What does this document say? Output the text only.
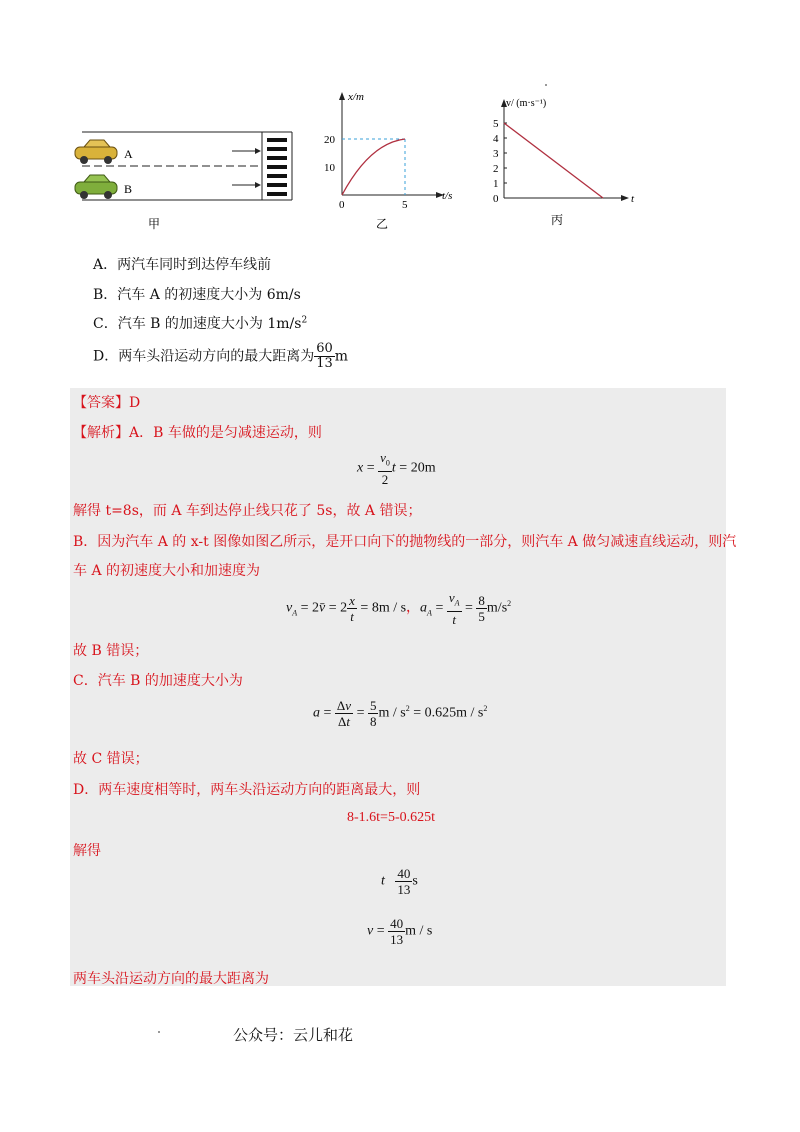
A
B
甲
x/m
t/s
20
10
0	5
乙
v/ (m·s⁻¹)
t
5
4
3
2
1
0
丙
A．两汽车同时到达停车线前
B．汽车 A 的初速度大小为 6m/s
C．汽车 B 的加速度大小为 $1m/s^2$
D．两车头沿运动方向的最大距离为 $\frac{60}{13}$ m
【答案】D
【解析】A．B 车做的是匀减速运动，则
$x = \frac{v_0}{2}$ t = 20m
解得 t=8s，而 A 车到达停止线只花了 5s，故 A 错误；
B．因为汽车 A 的 x-t 图像如图乙所示，是开口向下的抛物线的一部分，则汽车 A 做匀减速直线运动，则汽
车 A 的初速度大小和加速度为
$v_A$ = 2v̄ = $2 \frac{x}{t} = 8m / s$，$a_A = \frac{v_A}{t} = \frac{8}{5} m/s^2$
故 B 错误；
C．汽车 B 的加速度大小为
$a = \frac{\Delta v}{\Delta t} = \frac{5}{8}$ $m / s^2 = 0.625m / s^2$
故 C 错误；
D．两车速度相等时，两车头沿运动方向的距离最大，则
8-1.6t=5-0.625t
解得
t $\frac{40}{13}$ s
$v = \frac{40}{13}$ m / s
两车头沿运动方向的最大距离为
公众号：云儿和花
